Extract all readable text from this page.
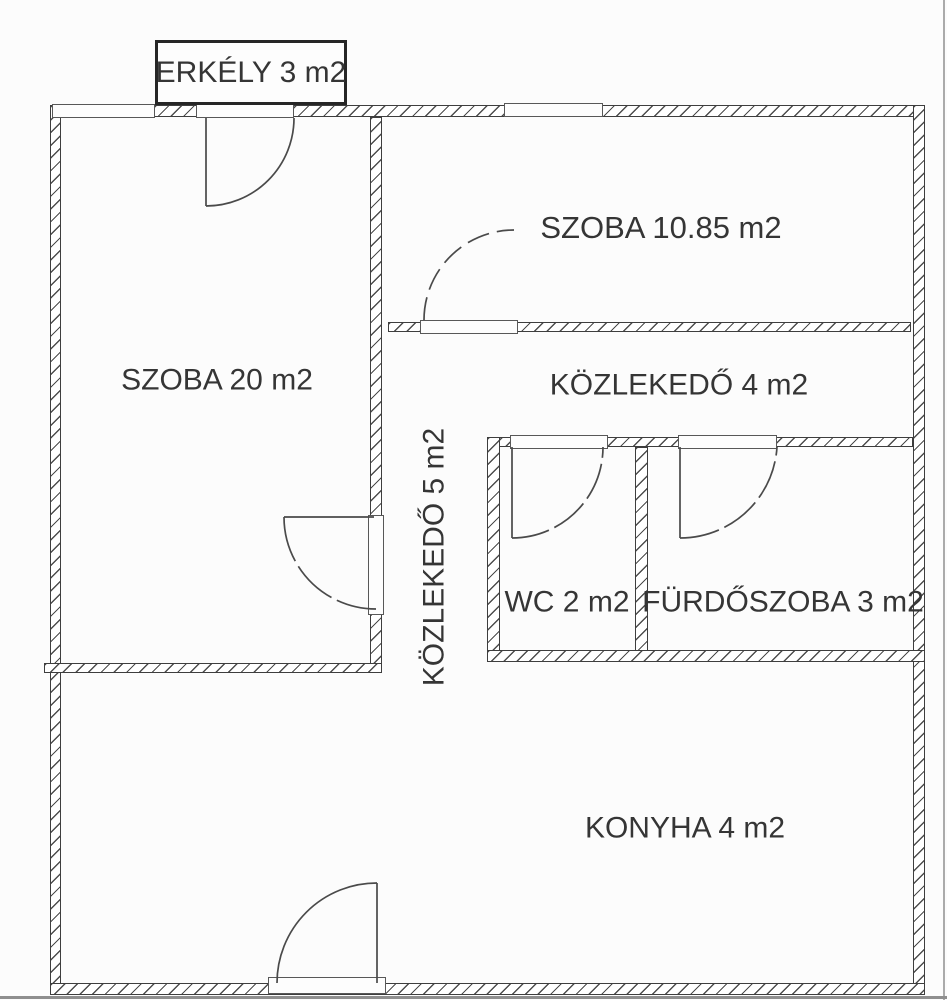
ERKÉLY 3 m2
SZOBA 20 m2
SZOBA 10.85 m2
KÖZLEKEDŐ 4 m2
KÖZLEKEDŐ 5 m2 WC 2 m2 FÜRDŐSZOBA 3 m2
KONYHA 4 m2
